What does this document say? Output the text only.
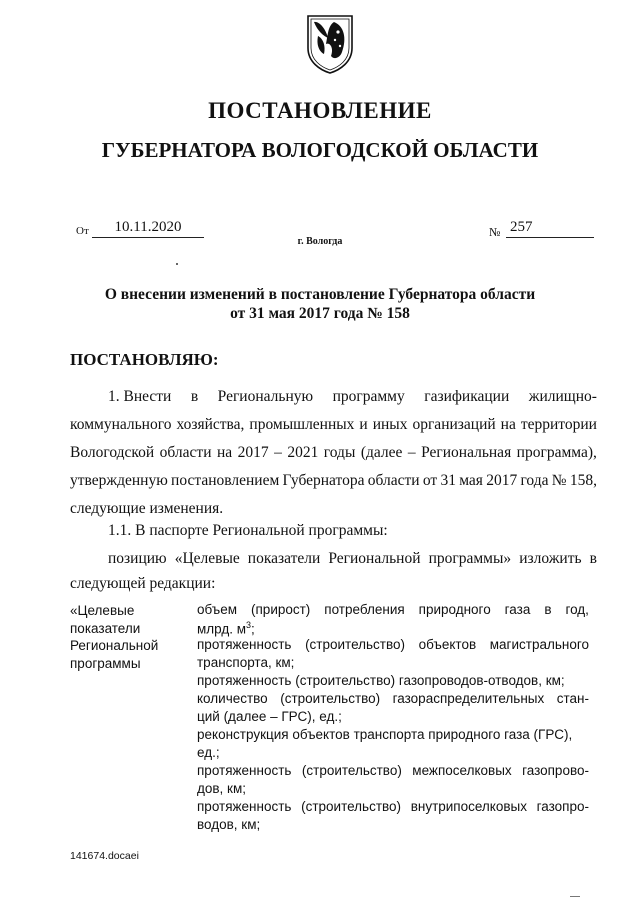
ПОСТАНОВЛЕНИЕ
ГУБЕРНАТОРА ВОЛОГОДСКОЙ ОБЛАСТИ
От	10.11.2020	№ 257
г. Вологда
О внесении изменений в постановление Губернатора области
от 31 мая 2017 года № 158
ПОСТАНОВЛЯЮ:
1. Внести в Региональную программу газификации жилищно-
коммунального хозяйства, промышленных и иных организаций на территории
Вологодской области на 2017 – 2021 годы (далее – Региональная программа),
утвержденную постановлением Губернатора области от 31 мая 2017 года № 158,
следующие изменения.
1.1. В паспорте Региональной программы:
позицию «Целевые показатели Региональной программы» изложить в
следующей редакции:
«Целевые
показатели
Региональной
программы
объем (прирост) потребления природного газа в год,
млрд. $м^3$;
протяженность (строительство) объектов магистрального
транспорта, км;
протяженность (строительство) газопроводов-отводов, км;
количество (строительство) газораспределительных стан-
ций (далее – ГРС), ед.;
реконструкция объектов транспорта природного газа (ГРС),
ед.;
протяженность (строительство) межпоселковых газопрово-
дов, км;
протяженность (строительство) внутрипоселковых газопро-
водов, км;
141674.docaei
